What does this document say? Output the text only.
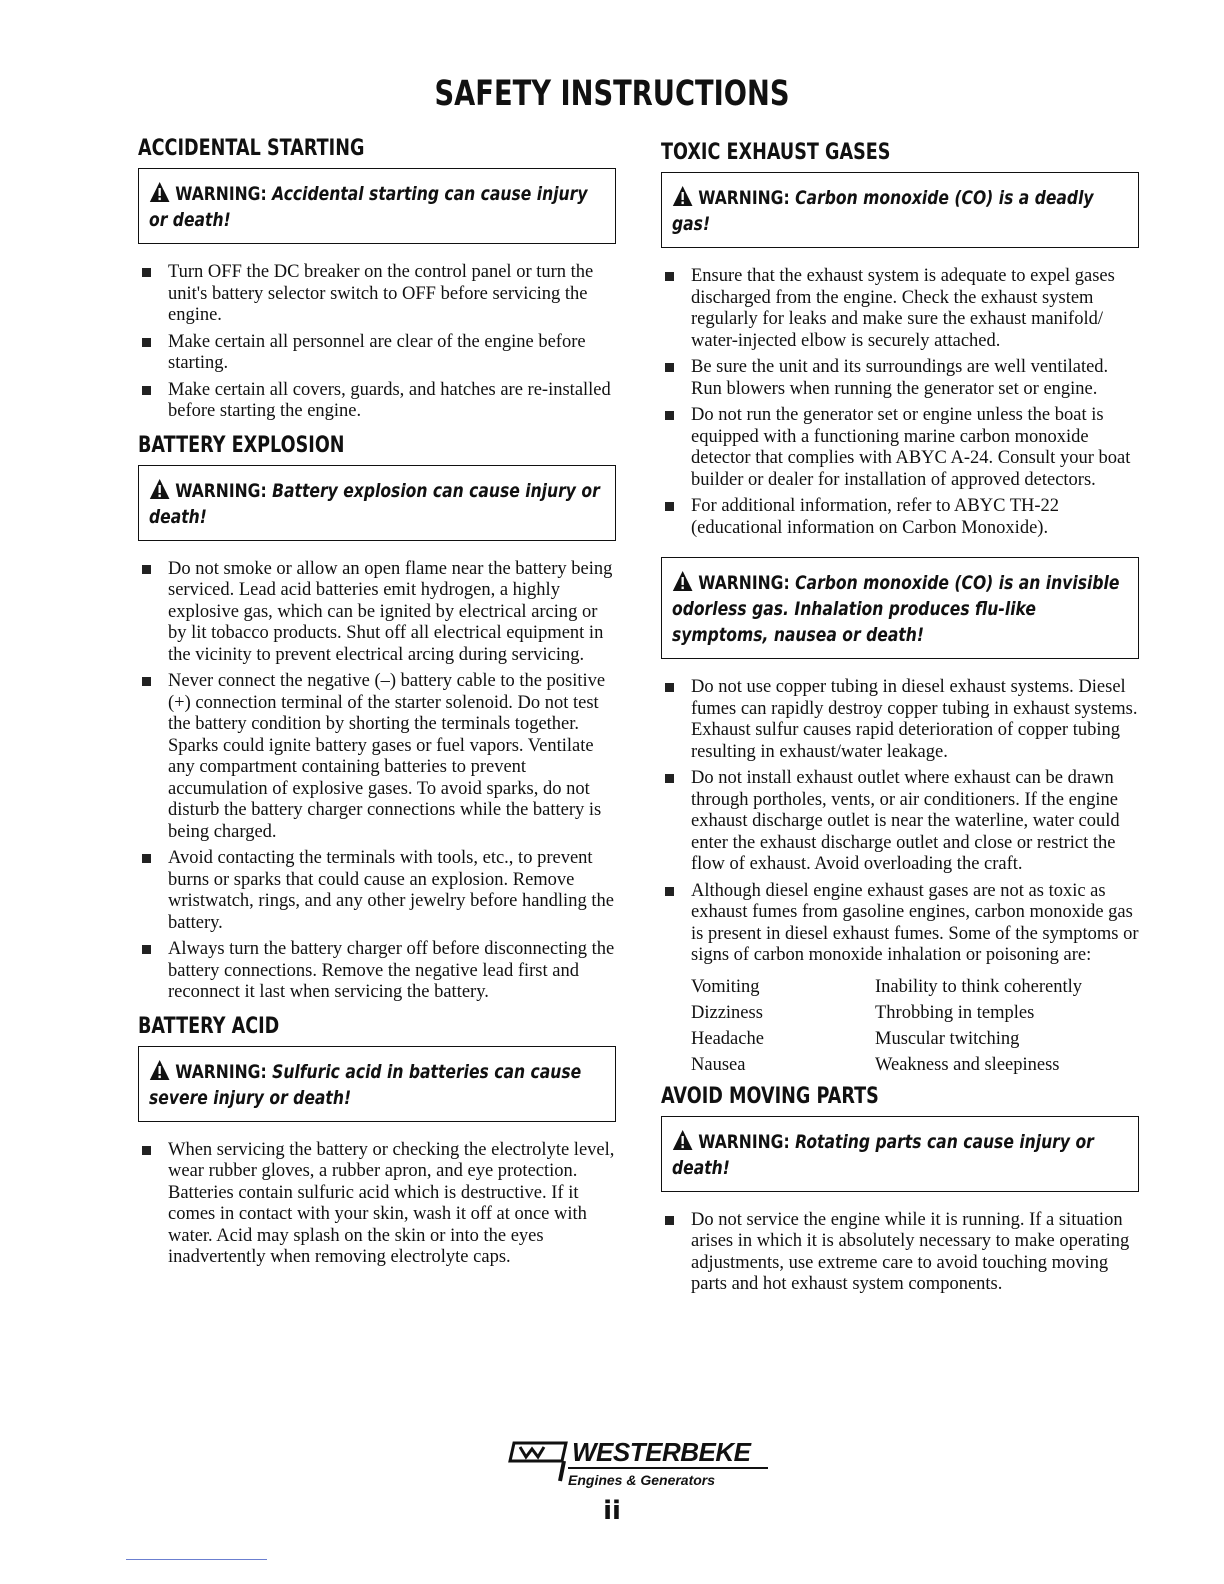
SAFETY INSTRUCTIONS
ACCIDENTAL STARTING
WARNING: Accidental starting can cause injury or death!
Turn OFF the DC breaker on the control panel or turn the unit's battery selector switch to OFF before servicing the engine.
Make certain all personnel are clear of the engine before starting.
Make certain all covers, guards, and hatches are re-installed before starting the engine.
BATTERY EXPLOSION
WARNING: Battery explosion can cause injury or death!
Do not smoke or allow an open flame near the battery being serviced. Lead acid batteries emit hydrogen, a highly explosive gas, which can be ignited by electrical arcing or by lit tobacco products. Shut off all electrical equipment in the vicinity to prevent electrical arcing during servicing.
Never connect the negative (–) battery cable to the positive (+) connection terminal of the starter solenoid. Do not test the battery condition by shorting the terminals together. Sparks could ignite battery gases or fuel vapors. Ventilate any compartment containing batteries to prevent accumulation of explosive gases. To avoid sparks, do not disturb the battery charger connections while the battery is being charged.
Avoid contacting the terminals with tools, etc., to prevent burns or sparks that could cause an explosion. Remove wristwatch, rings, and any other jewelry before handling the battery.
Always turn the battery charger off before disconnecting the battery connections. Remove the negative lead first and reconnect it last when servicing the battery.
BATTERY ACID
WARNING: Sulfuric acid in batteries can cause severe injury or death!
When servicing the battery or checking the electrolyte level, wear rubber gloves, a rubber apron, and eye protection. Batteries contain sulfuric acid which is destructive. If it comes in contact with your skin, wash it off at once with water. Acid may splash on the skin or into the eyes inadvertently when removing electrolyte caps.
TOXIC EXHAUST GASES
WARNING: Carbon monoxide (CO) is a deadly gas!
Ensure that the exhaust system is adequate to expel gases discharged from the engine. Check the exhaust system regularly for leaks and make sure the exhaust manifold/ water-injected elbow is securely attached.
Be sure the unit and its surroundings are well ventilated. Run blowers when running the generator set or engine.
Do not run the generator set or engine unless the boat is equipped with a functioning marine carbon monoxide detector that complies with ABYC A-24. Consult your boat builder or dealer for installation of approved detectors.
For additional information, refer to ABYC TH-22 (educational information on Carbon Monoxide).
WARNING: Carbon monoxide (CO) is an invisible odorless gas. Inhalation produces flu-like symptoms, nausea or death!
Do not use copper tubing in diesel exhaust systems. Diesel fumes can rapidly destroy copper tubing in exhaust systems. Exhaust sulfur causes rapid deterioration of copper tubing resulting in exhaust/water leakage.
Do not install exhaust outlet where exhaust can be drawn through portholes, vents, or air conditioners. If the engine exhaust discharge outlet is near the waterline, water could enter the exhaust discharge outlet and close or restrict the flow of exhaust. Avoid overloading the craft.
Although diesel engine exhaust gases are not as toxic as exhaust fumes from gasoline engines, carbon monoxide gas is present in diesel exhaust fumes. Some of the symptoms or signs of carbon monoxide inhalation or poisoning are:
Vomiting	Inability to think coherently
Dizziness	Throbbing in temples
Headache	Muscular twitching
Nausea	Weakness and sleepiness
AVOID MOVING PARTS
WARNING: Rotating parts can cause injury or death!
Do not service the engine while it is running. If a situation arises in which it is absolutely necessary to make operating adjustments, use extreme care to avoid touching moving parts and hot exhaust system components.
WESTERBEKE
Engines & Generators
ii
